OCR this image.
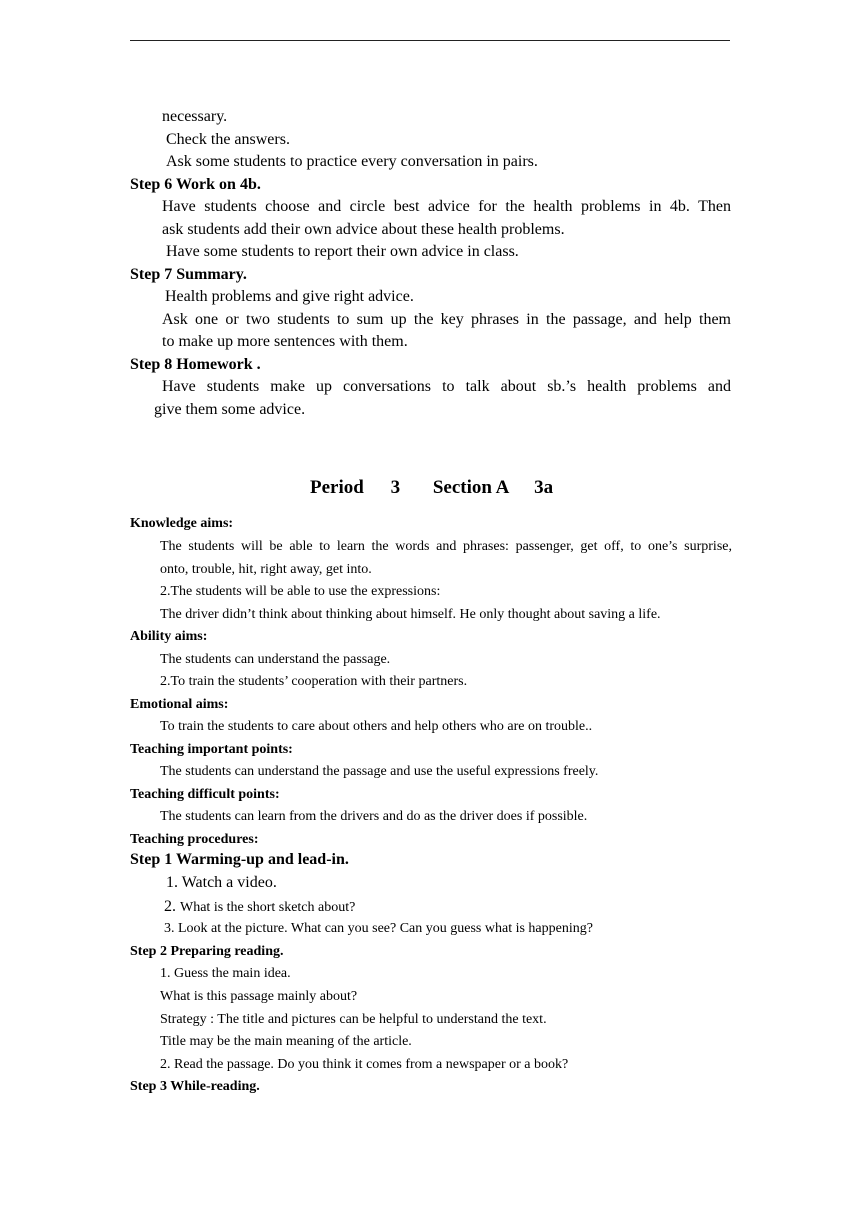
necessary.
Check the answers.
Ask some students to practice every conversation in pairs.
Step 6 Work on 4b.
Have students choose and circle best advice for the health problems in 4b. Then
ask students add their own advice about these health problems.
Have some students to report their own advice in class.
Step 7 Summary.
Health problems and give right advice.
Ask one or two students to sum up the key phrases in the passage, and help them
to make up more sentences with them.
Step 8 Homework .
Have students make up conversations to talk about sb.’s health problems and
give them some advice.
Period 3 Section A 3a
Knowledge aims:
The students will be able to learn the words and phrases: passenger, get off, to one’s surprise,
onto, trouble, hit, right away, get into.
2.The students will be able to use the expressions:
The driver didn’t think about thinking about himself. He only thought about saving a life.
Ability aims:
The students can understand the passage.
2.To train the students’ cooperation with their partners.
Emotional aims:
To train the students to care about others and help others who are on trouble..
Teaching important points:
The students can understand the passage and use the useful expressions freely.
Teaching difficult points:
The students can learn from the drivers and do as the driver does if possible.
Teaching procedures:
Step 1 Warming-up and lead-in.
1. Watch a video.
2. What is the short sketch about?
3. Look at the picture. What can you see? Can you guess what is happening?
Step 2 Preparing reading.
1. Guess the main idea.
What is this passage mainly about?
Strategy : The title and pictures can be helpful to understand the text.
Title may be the main meaning of the article.
2. Read the passage. Do you think it comes from a newspaper or a book?
Step 3 While-reading.
